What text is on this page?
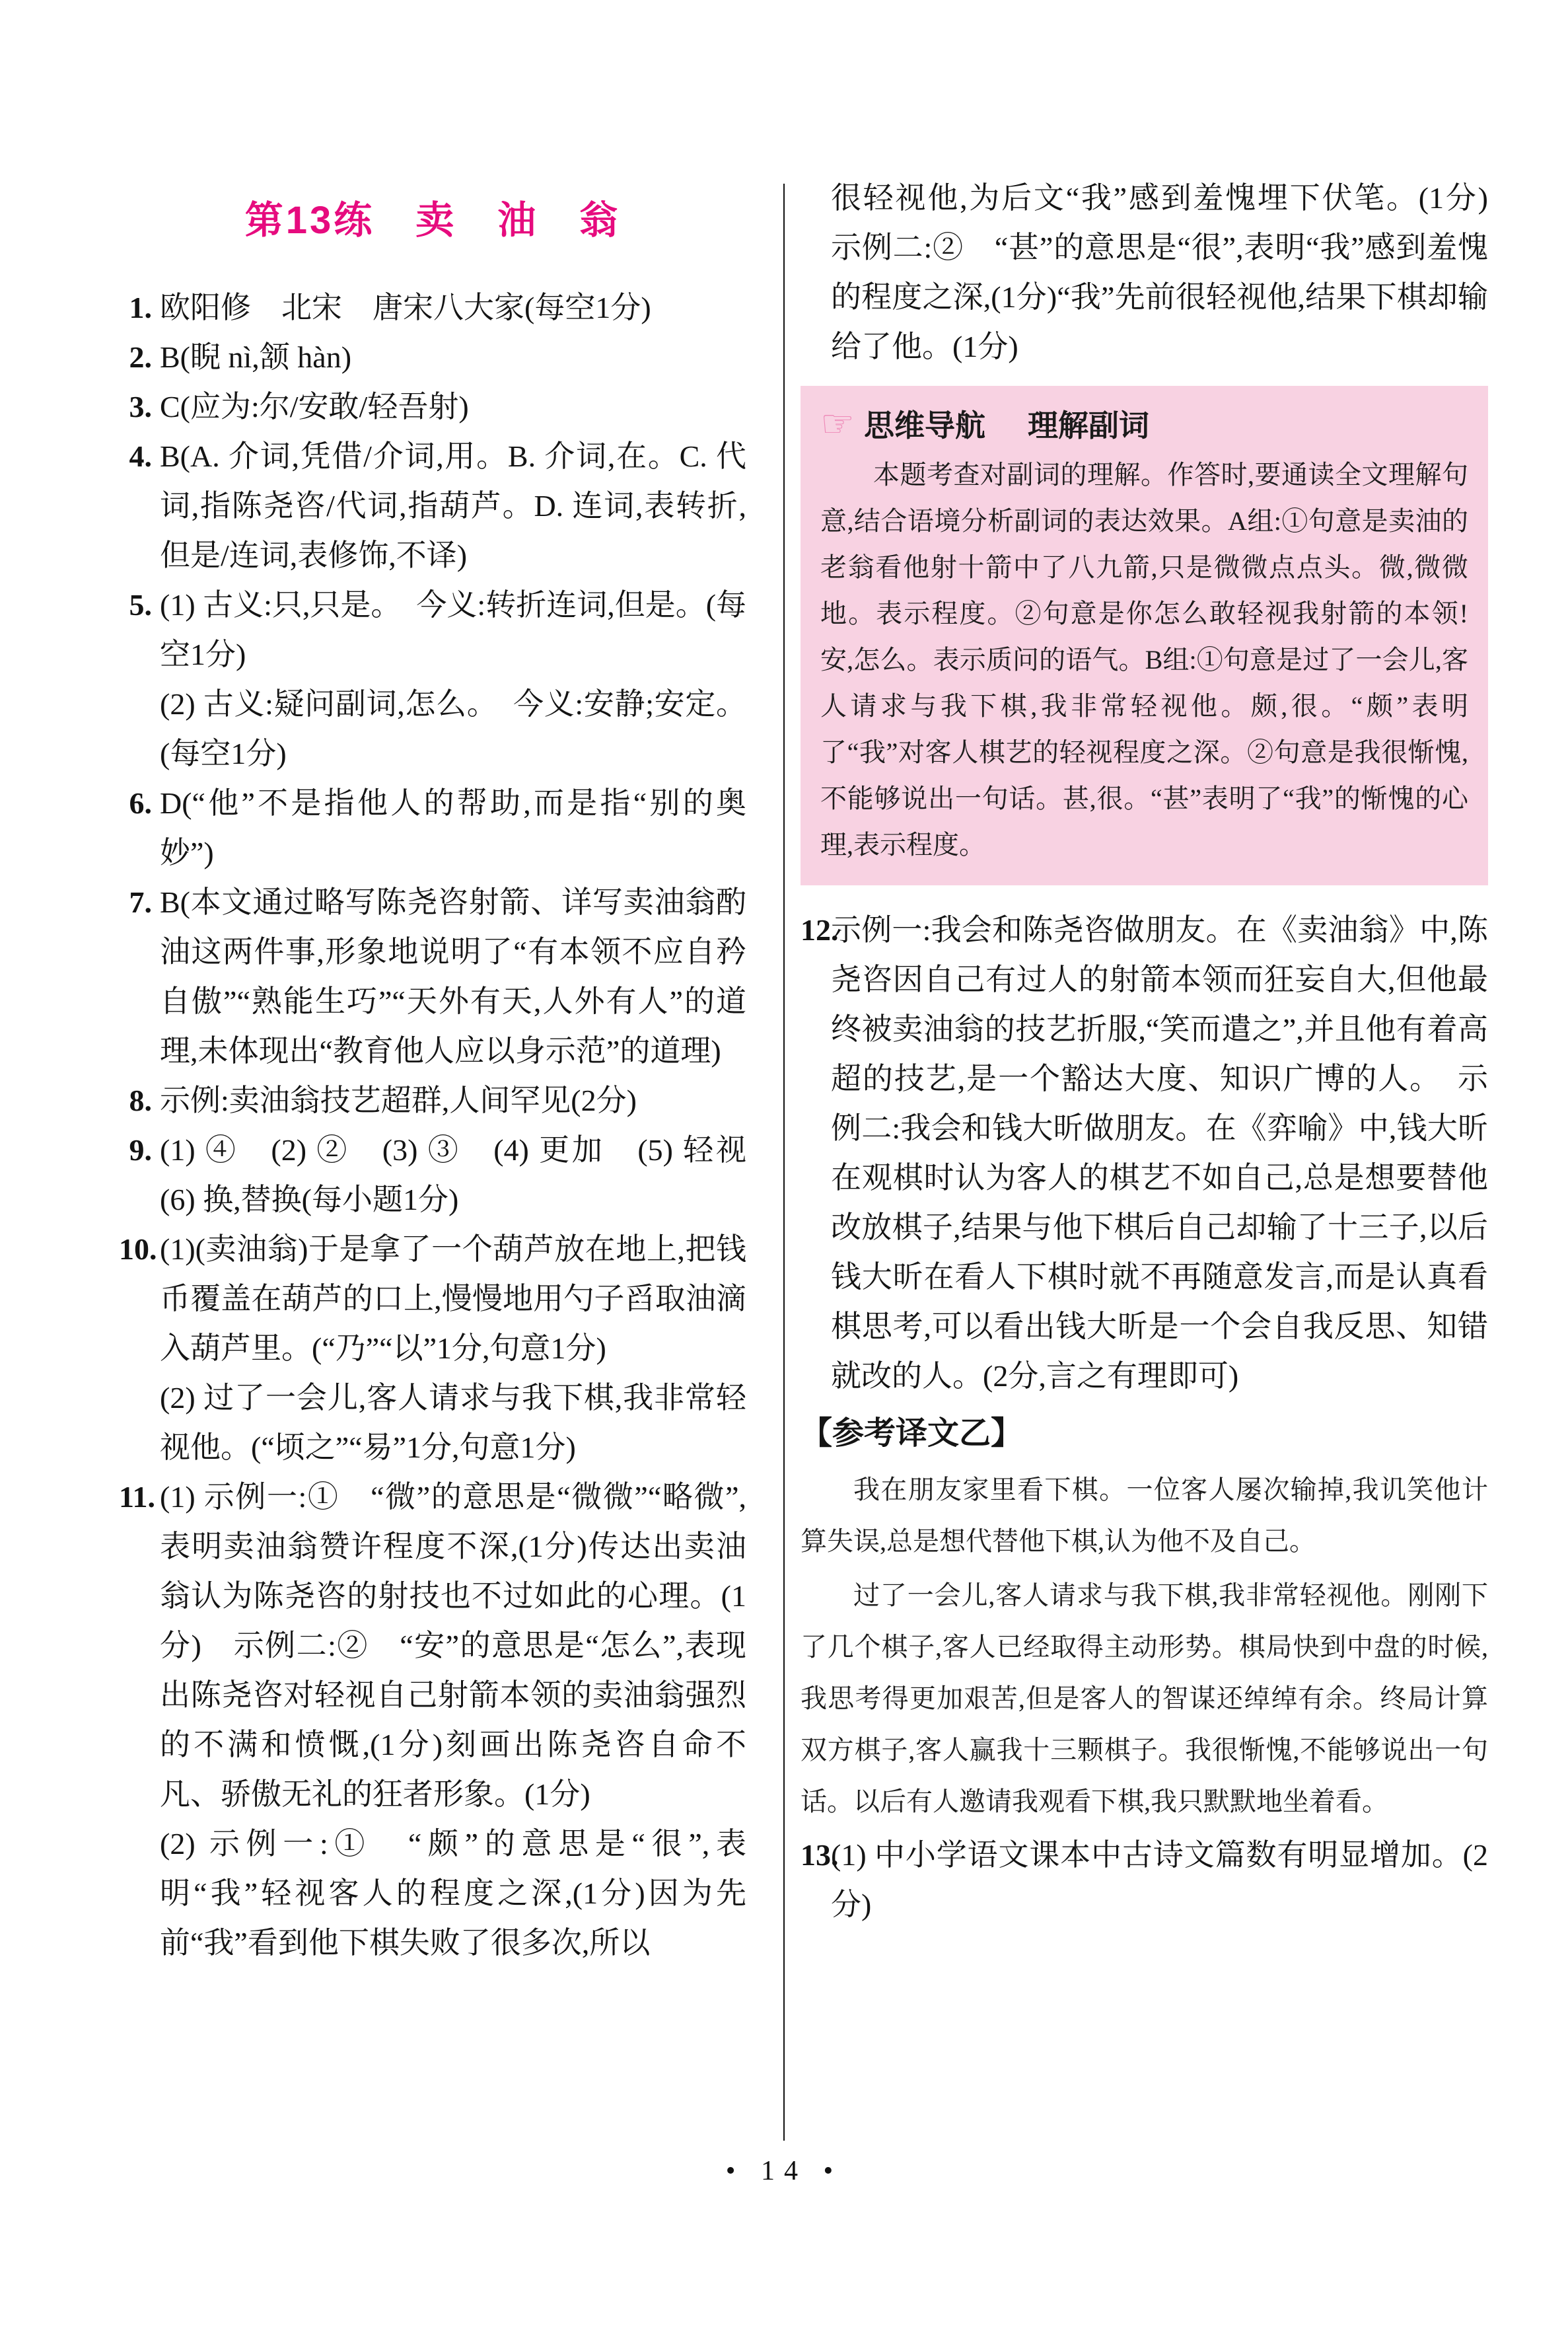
第13练　卖　油　翁
1. 欧阳修　北宋　唐宋八大家(每空1分)
2. B(睨 nì,颔 hàn)
3. C(应为:尔/安敢/轻吾射)
4. B(A. 介词,凭借/介词,用。B. 介词,在。C. 代词,指陈尧咨/代词,指葫芦。D. 连词,表转折,但是/连词,表修饰,不译)
5. (1) 古义:只,只是。　今义:转折连词,但是。(每空1分)
(2) 古义:疑问副词,怎么。　今义:安静;安定。(每空1分)
6. D(“他”不是指他人的帮助,而是指“别的奥妙”)
7. B(本文通过略写陈尧咨射箭、详写卖油翁酌油这两件事,形象地说明了“有本领不应自矜自傲”“熟能生巧”“天外有天,人外有人”的道理,未体现出“教育他人应以身示范”的道理)
8. 示例:卖油翁技艺超群,人间罕见(2分)
9. (1) ④　(2) ②　(3) ③　(4) 更加　(5) 轻视　(6) 换,替换(每小题1分)
10. (1)(卖油翁)于是拿了一个葫芦放在地上,把钱币覆盖在葫芦的口上,慢慢地用勺子舀取油滴入葫芦里。(“乃”“以”1分,句意1分)
(2) 过了一会儿,客人请求与我下棋,我非常轻视他。(“顷之”“易”1分,句意1分)
11. (1) 示例一:①　“微”的意思是“微微”“略微”,表明卖油翁赞许程度不深,(1分)传达出卖油翁认为陈尧咨的射技也不过如此的心理。(1分)　示例二:②　“安”的意思是“怎么”,表现出陈尧咨对轻视自己射箭本领的卖油翁强烈的不满和愤慨,(1分)刻画出陈尧咨自命不凡、骄傲无礼的狂者形象。(1分)
(2) 示例一:①　“颇”的意思是“很”,表明“我”轻视客人的程度之深,(1分)因为先前“我”看到他下棋失败了很多次,所以
很轻视他,为后文“我”感到羞愧埋下伏笔。(1分)　示例二:②　“甚”的意思是“很”,表明“我”感到羞愧的程度之深,(1分)“我”先前很轻视他,结果下棋却输给了他。(1分)
☞ 思维导航 理解副词

本题考查对副词的理解。作答时,要通读全文理解句意,结合语境分析副词的表达效果。A组:①句意是卖油的老翁看他射十箭中了八九箭,只是微微点点头。微,微微地。表示程度。②句意是你怎么敢轻视我射箭的本领!安,怎么。表示质问的语气。B组:①句意是过了一会儿,客人请求与我下棋,我非常轻视他。颇,很。“颇”表明了“我”对客人棋艺的轻视程度之深。②句意是我很惭愧,不能够说出一句话。甚,很。“甚”表明了“我”的惭愧的心理,表示程度。

12.
示例一:我会和陈尧咨做朋友。在《卖油翁》中,陈尧咨因自己有过人的射箭本领而狂妄自大,但他最终被卖油翁的技艺折服,“笑而遣之”,并且他有着高超的技艺,是一个豁达大度、知识广博的人。　示例二:我会和钱大昕做朋友。在《弈喻》中,钱大昕在观棋时认为客人的棋艺不如自己,总是想要替他改放棋子,结果与他下棋后自己却输了十三子,以后钱大昕在看人下棋时就不再随意发言,而是认真看棋思考,可以看出钱大昕是一个会自我反思、知错就改的人。(2分,言之有理即可)
【参考译文乙】

我在朋友家里看下棋。一位客人屡次输掉,我讥笑他计算失误,总是想代替他下棋,认为他不及自己。

过了一会儿,客人请求与我下棋,我非常轻视他。刚刚下了几个棋子,客人已经取得主动形势。棋局快到中盘的时候,我思考得更加艰苦,但是客人的智谋还绰绰有余。终局计算双方棋子,客人赢我十三颗棋子。我很惭愧,不能够说出一句话。以后有人邀请我观看下棋,我只默默地坐着看。

13.
(1) 中小学语文课本中古诗文篇数有明显增加。(2分)
• 14 •
